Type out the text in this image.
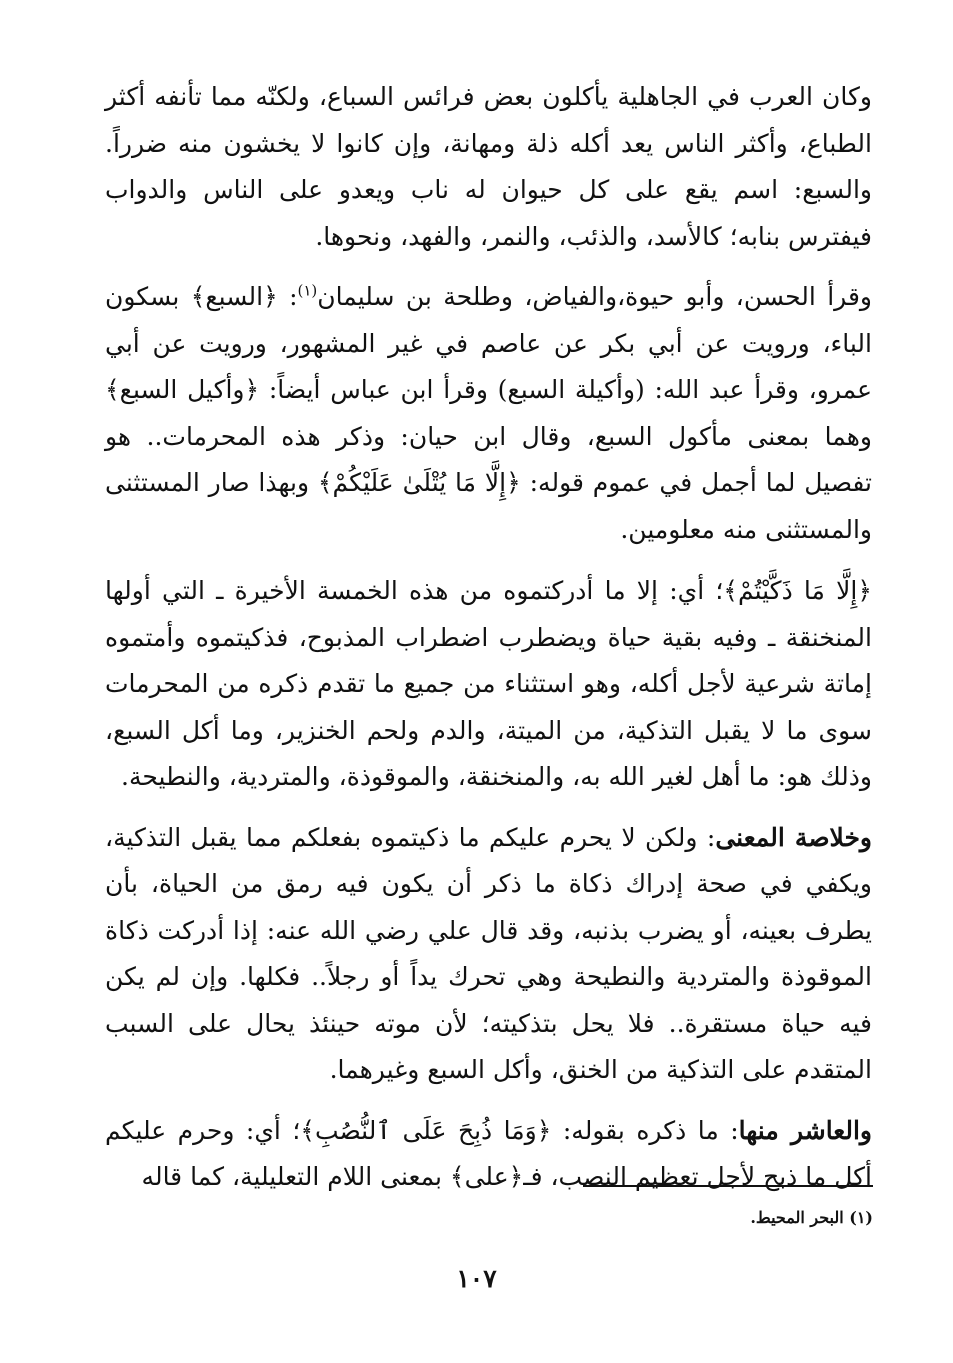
وكان العرب في الجاهلية يأكلون بعض فرائس السباع، ولكنّه مما تأنفه أكثر الطباع، وأكثر الناس يعد أكله ذلة ومهانة، وإن كانوا لا يخشون منه ضرراً. والسبع: اسم يقع على كل حيوان له ناب ويعدو على الناس والدواب فيفترس بنابه؛ كالأسد، والذئب، والنمر، والفهد، ونحوها.

وقرأ الحسن، وأبو حيوة،والفياض، وطلحة بن سليمان$^{(١)}$: ﴿السبع﴾ بسكون الباء، ورويت عن أبي بكر عن عاصم في غير المشهور، ورويت عن أبي عمرو، وقرأ عبد الله: (وأكيلة السبع) وقرأ ابن عباس أيضاً: ﴿وأكيل السبع﴾ وهما بمعنى مأكول السبع، وقال ابن حيان: وذكر هذه المحرمات.. هو تفصيل لما أجمل في عموم قوله: ﴿إِلَّا مَا يُتْلَىٰ عَلَيْكُمْ﴾ وبهذا صار المستثنى والمستثنى منه معلومين.

﴿إِلَّا مَا ذَكَّيْتُمْ﴾؛ أي: إلا ما أدركتموه من هذه الخمسة الأخيرة ـ التي أولها المنخنقة ـ وفيه بقية حياة ويضطرب اضطراب المذبوح، فذكيتموه وأمتموه إماتة شرعية لأجل أكله، وهو استثناء من جميع ما تقدم ذكره من المحرمات سوى ما لا يقبل التذكية، من الميتة، والدم ولحم الخنزير، وما أكل السبع، وذلك هو: ما أهل لغير الله به، والمنخنقة، والموقوذة، والمتردية، والنطيحة.

وخلاصة المعنى: ولكن لا يحرم عليكم ما ذكيتموه بفعلكم مما يقبل التذكية، ويكفي في صحة إدراك ذكاة ما ذكر أن يكون فيه رمق من الحياة، بأن يطرف بعينه، أو يضرب بذنبه، وقد قال علي رضي الله عنه: إذا أدركت ذكاة الموقوذة والمتردية والنطيحة وهي تحرك يداً أو رجلاً.. فكلها. وإن لم يكن فيه حياة مستقرة.. فلا يحل بتذكيته؛ لأن موته حينئذ يحال على السبب المتقدم على التذكية من الخنق، وأكل السبع وغيرهما.

والعاشر منها: ما ذكره بقوله: ﴿وَمَا ذُبِحَ عَلَى ٱلنُّصُبِ﴾؛ أي: وحرم عليكم أكل ما ذبح لأجل تعظيم النصب، فـ﴿على﴾ بمعنى اللام التعليلية، كما قاله

(١) البحر المحيط.
١٠٧
